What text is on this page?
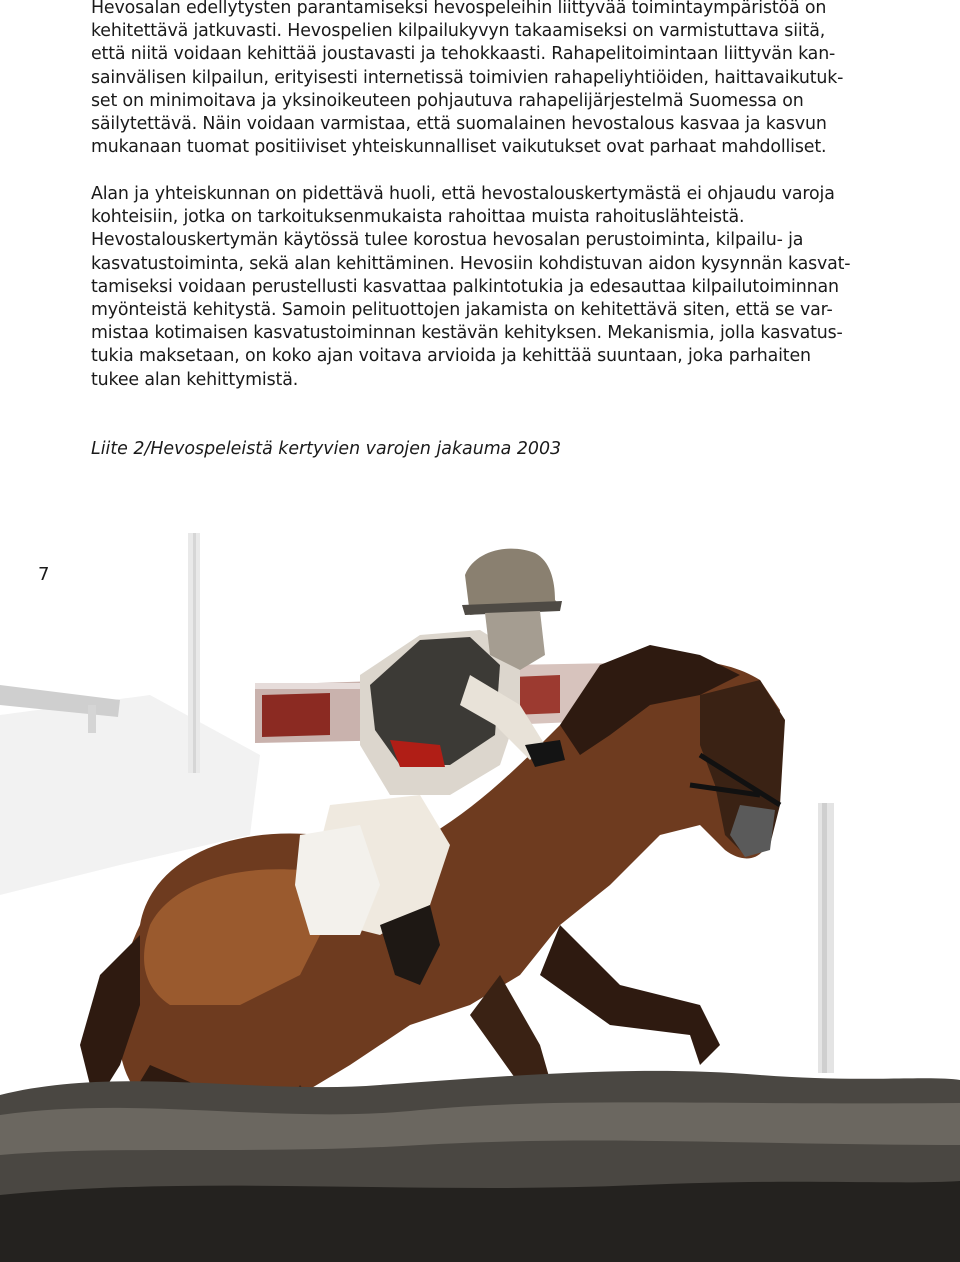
Hevosalan edellytysten parantamiseksi hevospeleihin liittyvää toimintaympäristöä on
kehitettävä jatkuvasti. Hevospelien kilpailukyvyn takaamiseksi on varmistuttava siitä,
että niitä voidaan kehittää joustavasti ja tehokkaasti. Rahapelitoimintaan liittyvän kan-
sainvälisen kilpailun, erityisesti internetissä toimivien rahapeliyhtiöiden, haittavaikutuk-
set on minimoitava ja yksinoikeuteen pohjautuva rahapelijärjestelmä Suomessa on
säilytettävä. Näin voidaan varmistaa, että suomalainen hevostalous kasvaa ja kasvun
mukanaan tuomat positiiviset yhteiskunnalliset vaikutukset ovat parhaat mahdolliset.
Alan ja yhteiskunnan on pidettävä huoli, että hevostalouskertymästä ei ohjaudu varoja
kohteisiin, jotka on tarkoituksenmukaista rahoittaa muista rahoituslähteistä.
Hevostalouskertymän käytössä tulee korostua hevosalan perustoiminta, kilpailu- ja
kasvatustoiminta, sekä alan kehittäminen. Hevosiin kohdistuvan aidon kysynnän kasvat-
tamiseksi voidaan perustellusti kasvattaa palkintotukia ja edesauttaa kilpailutoiminnan
myönteistä kehitystä. Samoin pelituottojen jakamista on kehitettävä siten, että se var-
mistaa kotimaisen kasvatustoiminnan kestävän kehityksen. Mekanismia, jolla kasvatus-
tukia maksetaan, on koko ajan voitava arvioida ja kehittää suuntaan, joka parhaiten
tukee alan kehittymistä.

Liite 2/Hevospeleistä kertyvien varojen jakauma 2003

7
